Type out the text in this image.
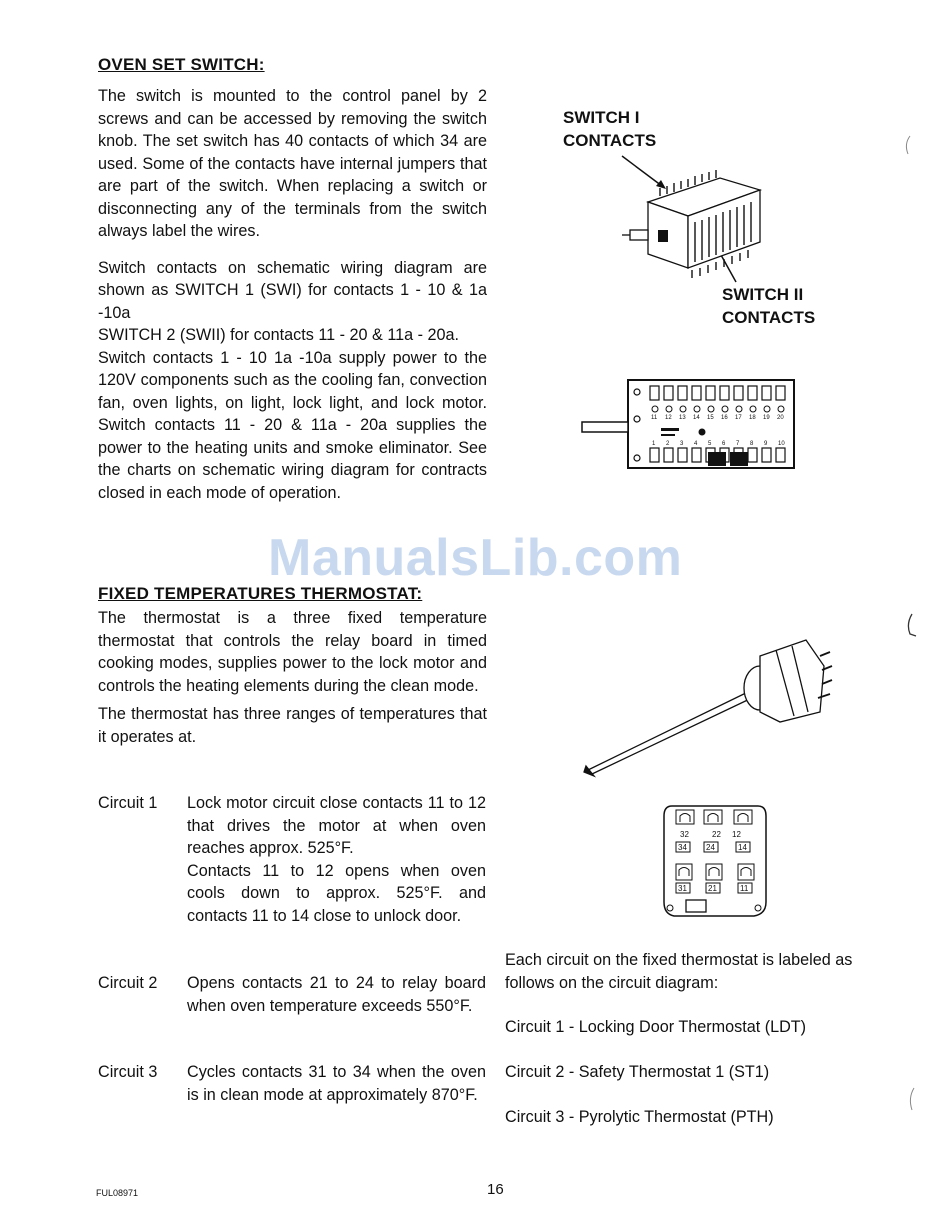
OVEN SET SWITCH:

The switch is mounted to the control panel by 2 screws and can be accessed by removing the switch knob. The set switch has 40 contacts of which 34 are used. Some of the contacts have internal jumpers that are part of the switch. When replacing a switch or disconnecting any of the terminals from the switch always label the wires.

Switch contacts on schematic wiring diagram are shown as SWITCH 1 (SWI) for contacts 1 - 10 & 1a -10a

SWITCH 2 (SWII) for contacts 11 - 20 & 11a - 20a.

Switch contacts 1 - 10 1a -10a supply power to the 120V components such as the cooling fan, convection fan, oven lights, on light, lock light, and lock motor. Switch contacts 11 - 20 & 11a - 20a supplies the power to the heating units and smoke eliminator. See the charts on schematic wiring diagram for contracts closed in each mode of operation.

SWITCH I
CONTACTS
SWITCH II
CONTACTS
11 12 13 14 15 16 17 18 19 20
1 2 3 4 5 6 7 8 9 10
ManualsLib.com
FIXED TEMPERATURES THERMOSTAT:

The thermostat is a three fixed temperature thermostat that controls the relay board in timed cooking modes, supplies power to the lock motor and controls the heating elements during the clean mode.

The thermostat has three ranges of temperatures that it operates at.

Circuit 1 Lock motor circuit close contacts 11 to 12 that drives the motor at when oven reaches approx. 525°F.
Contacts 11 to 12 opens when oven cools down to approx. 525°F. and contacts 11 to 14 close to unlock door.
Circuit 2 Opens contacts 21 to 24 to relay board when oven temperature exceeds 550°F.
Circuit 3 Cycles contacts 31 to 34 when the oven is in clean mode at approximately 870°F.
32	22 12
34 24	14
31	21	11
Each circuit on the fixed thermostat is labeled as follows on the circuit diagram:
Circuit 1 - Locking Door Thermostat (LDT)
Circuit 2 - Safety Thermostat 1 (ST1)
Circuit 3 - Pyrolytic Thermostat (PTH)
FUL08971	16
